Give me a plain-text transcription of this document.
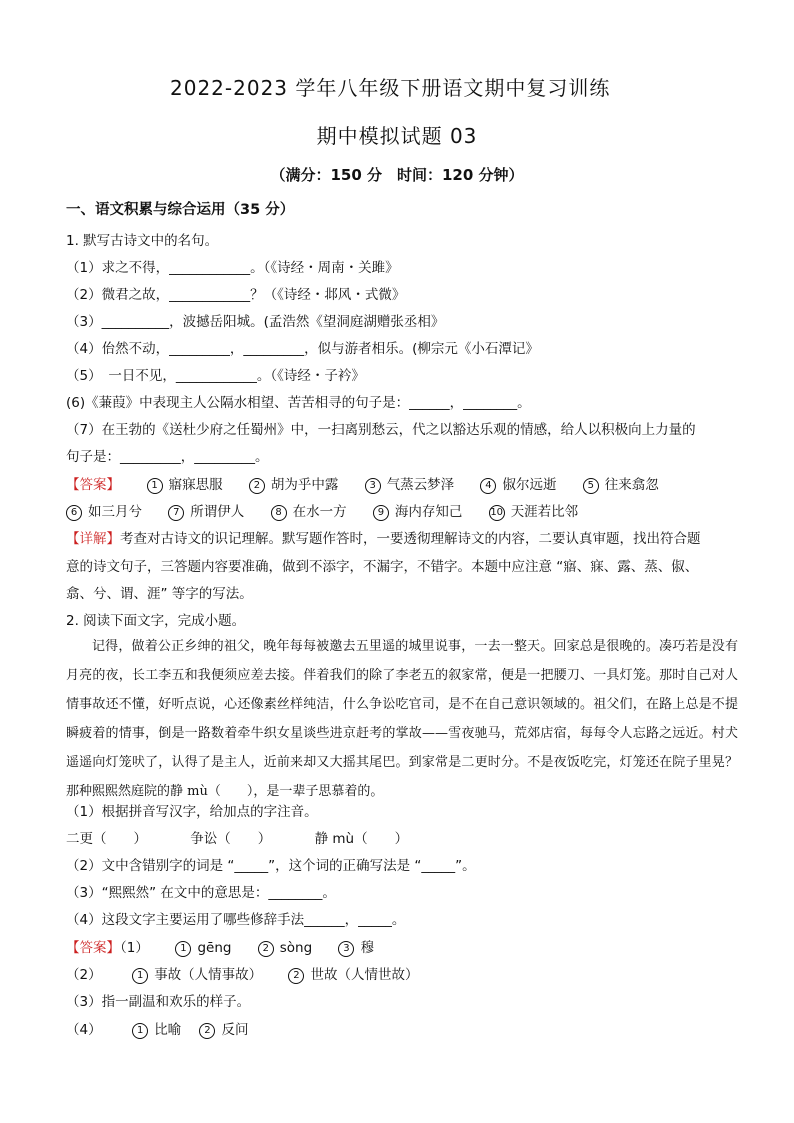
2022-2023 学年八年级下册语文期中复习训练
期中模拟试题 03
（满分：150 分　时间：120 分钟）
一、语文积累与综合运用（35 分）
1. 默写古诗文中的名句。
（1）求之不得，____________。（《诗经・周南・关雎》
（2）微君之故，____________？（《诗经・邶风・式微》
（3）__________，波撼岳阳城。(孟浩然《望洞庭湖赠张丞相》
（4）佁然不动，_________，_________，似与游者相乐。(柳宗元《小石潭记》
（5）　一日不见，____________。（《诗经・子衿》
(6)《蒹葭》中表现主人公隔水相望、苦苦相寻的句子是：______，________。
（7）在王勃的《送杜少府之任蜀州》中，一扫离别愁云，代之以豁达乐观的情感，给人以积极向上力量的
句子是：_________，_________。
【答案】	1 寤寐思服	2 胡为乎中露	3 气蒸云梦泽	4 俶尔远逝	5 往来翕忽
6 如三月兮	7 所谓伊人	8 在水一方	9 海内存知己	10 天涯若比邻
【详解】考查对古诗文的识记理解。默写题作答时，一要透彻理解诗文的内容，二要认真审题，找出符合题
意的诗文句子，三答题内容要准确，做到不添字，不漏字，不错字。本题中应注意 “寤、寐、露、蒸、俶、
翕、兮、谓、涯” 等字的写法。
2. 阅读下面文字，完成小题。
记得，做着公正乡绅的祖父，晚年每每被邀去五里遥的城里说事，一去一整天。回家总是很晚的。凑巧若是没有月亮的夜，长工李五和我便须应差去接。伴着我们的除了李老五的叙家常，便是一把腰刀、一具灯笼。那时自己对人情事故还不懂，好听点说，心还像素丝样纯洁，什么争讼吃官司，是不在自己意识领域的。祖父们，在路上总是不提瞬疲着的情事，倒是一路数着牵牛织女星谈些进京赶考的掌故——雪夜驰马，荒郊店宿，每每令人忘路之远近。村犬遥遥向灯笼吠了，认得了是主人，近前来却又大摇其尾巴。到家常是二更时分。不是夜饭吃完，灯笼还在院子里晃？那种熙熙然庭院的静 mù（　　），是一辈子思慕着的。
（1）根据拼音写汉字，给加点的字注音。
二更（　　）	争讼（　　）	静 mù（　　）
（2）文中含错别字的词是 “_____”，这个词的正确写法是 “_____”。
（3）“熙熙然” 在文中的意思是：________。
（4）这段文字主要运用了哪些修辞手法______，_____。
【答案】（1）	1 gēng	2 sòng	3 穆
（2）	1 事故（人情事故）	2 世故（人情世故）
（3）指一副温和欢乐的样子。
（4）	1 比喻 2 反问
